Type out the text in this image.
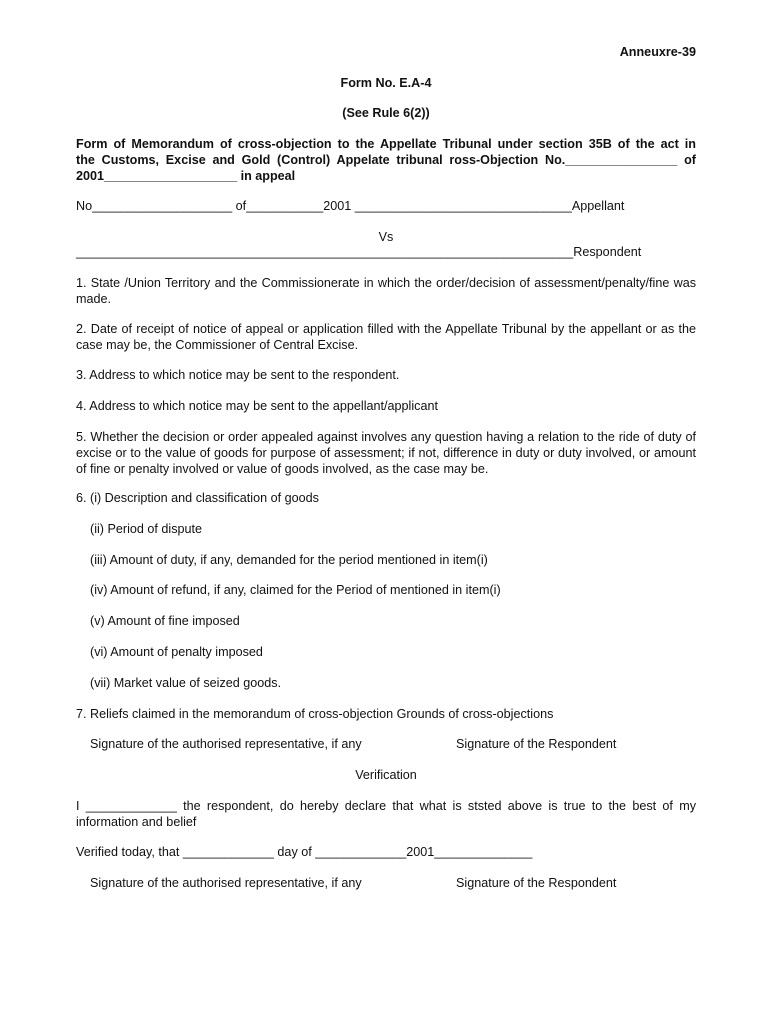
Anneuxre-39
Form No. E.A-4
(See Rule 6(2))
Form of Memorandum of cross-objection to the Appellate Tribunal under section 35B of the act in
the Customs, Excise and Gold (Control) Appelate tribunal ross-Objection No.________________ of
2001___________________ in appeal
No____________________ of___________2001 _______________________________Appellant
Vs
_______________________________________________________________________Respondent
1. State /Union Territory and the Commissionerate in which the order/decision of assessment/penalty/fine was made.
2. Date of receipt of notice of appeal or application filled with the Appellate Tribunal by the appellant or as the case may be, the Commissioner of Central Excise.
3. Address to which notice may be sent to the respondent.
4. Address to which notice may be sent to the appellant/applicant
5. Whether the decision or order appealed against involves any question having a relation to the ride of duty of excise or to the value of goods for purpose of assessment; if not, difference in duty or duty involved, or amount of fine or penalty involved or value of goods involved, as the case may be.
6. (i) Description and classification of goods
(ii) Period of dispute
(iii) Amount of duty, if any, demanded for the period mentioned in item(i)
(iv) Amount of refund, if any, claimed for the Period of mentioned in item(i)
(v) Amount of fine imposed
(vi) Amount of penalty imposed
(vii) Market value of seized goods.
7. Reliefs claimed in the memorandum of cross-objection Grounds of cross-objections
Signature of the authorised representative, if any	Signature of the Respondent
Verification
I _____________ the respondent, do hereby declare that what is ststed above is true to the best of my information and belief
Verified today, that _____________ day of _____________2001______________
Signature of the authorised representative, if any	Signature of the Respondent
